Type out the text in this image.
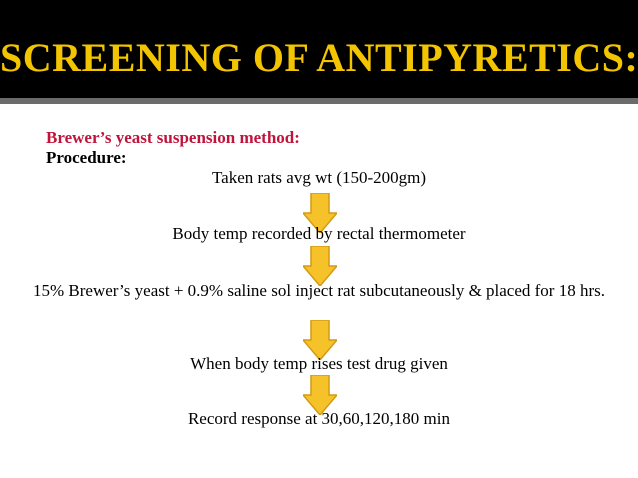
SCREENING OF ANTIPYRETICS:
Brewer’s yeast suspension method:
Procedure:
Taken rats avg wt (150-200gm)
Body temp recorded by rectal thermometer
15% Brewer’s yeast + 0.9% saline sol inject rat subcutaneously & placed for 18 hrs.
When body temp rises test drug given
Record response at 30,60,120,180 min
